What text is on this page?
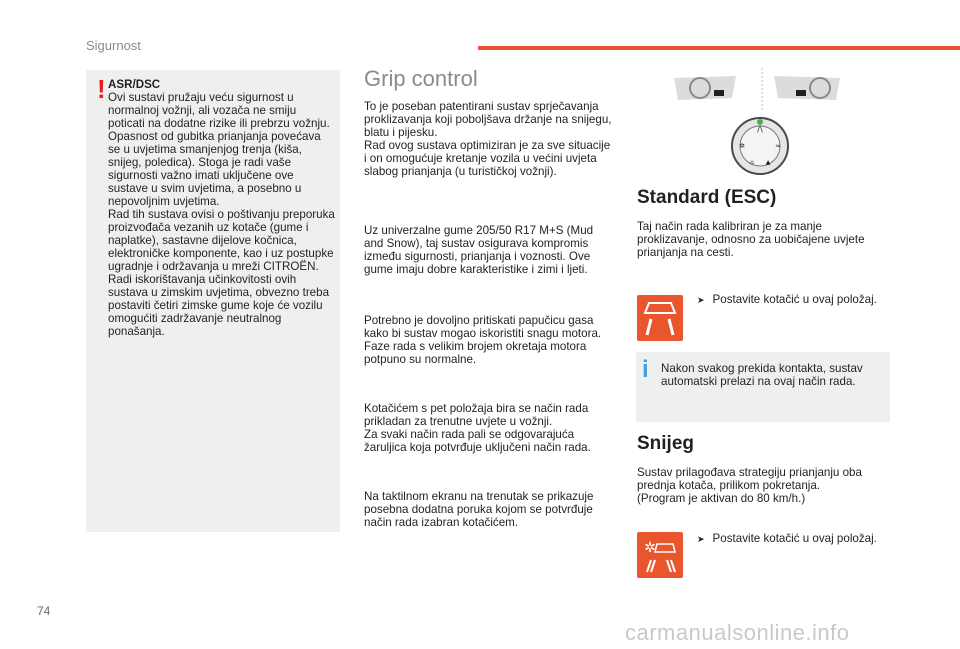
Sigurnost
! ASR/DSC
Ovi sustavi pružaju veću sigurnost u normalnoj vožnji, ali vozača ne smiju poticati na dodatne rizike ili prebrzu vožnju.
Opasnost od gubitka prianjanja povećava se u uvjetima smanjenjog trenja (kiša, snijeg, poledica). Stoga je radi vaše sigurnosti važno imati uključene ove sustave u svim uvjetima, a posebno u nepovoljnim uvjetima.
Rad tih sustava ovisi o poštivanju preporuka proizvođača vezanih uz kotače (gume i naplatke), sastavne dijelove kočnica, elektroničke komponente, kao i uz postupke ugradnje i održavanja u mreži CITROËN.
Radi iskorištavanja učinkovitosti ovih sustava u zimskim uvjetima, obvezno treba postaviti četiri zimske gume koje će vozilu omogućiti zadržavanje neutralnog ponašanja.
Grip control
To je poseban patentirani sustav sprječavanja proklizavanja koji poboljšava držanje na snijegu, blatu i pijesku.
Rad ovog sustava optimiziran je za sve situacije i on omogućuje kretanje vozila u većini uvjeta slabog prianjanja (u turističkoj vožnji).
Uz univerzalne gume 205/50 R17 M+S (Mud and Snow), taj sustav osigurava kompromis između sigurnosti, prianjanja i voznosti. Ove gume imaju dobre karakteristike i zimi i ljeti.
Potrebno je dovoljno pritiskati papučicu gasa kako bi sustav mogao iskoristiti snagu motora. Faze rada s velikim brojem okretaja motora potpuno su normalne.
Kotačićem s pet položaja bira se način rada prikladan za trenutne uvjete u vožnji.
Za svaki način rada pali se odgovarajuća žaruljica koja potvrđuje uključeni način rada.
Na taktilnom ekranu na trenutak se prikazuje posebna dodatna poruka kojom se potvrđuje način rada izabran kotačićem.
/\
✲	≈
⌂ ▲
Standard (ESC)
Taj način rada kalibriran je za manje proklizavanje, odnosno za uobičajene uvjete prianjanja na cesti.
➤ Postavite kotačić u ovaj položaj.
i Nakon svakog prekida kontakta, sustav automatski prelazi na ovaj način rada.
Snijeg
Sustav prilagođava strategiju prianjanju oba prednja kotača, prilikom pokretanja.
(Program je aktivan do 80 km/h.)
✲
➤ Postavite kotačić u ovaj položaj.
74
carmanualsonline.info
